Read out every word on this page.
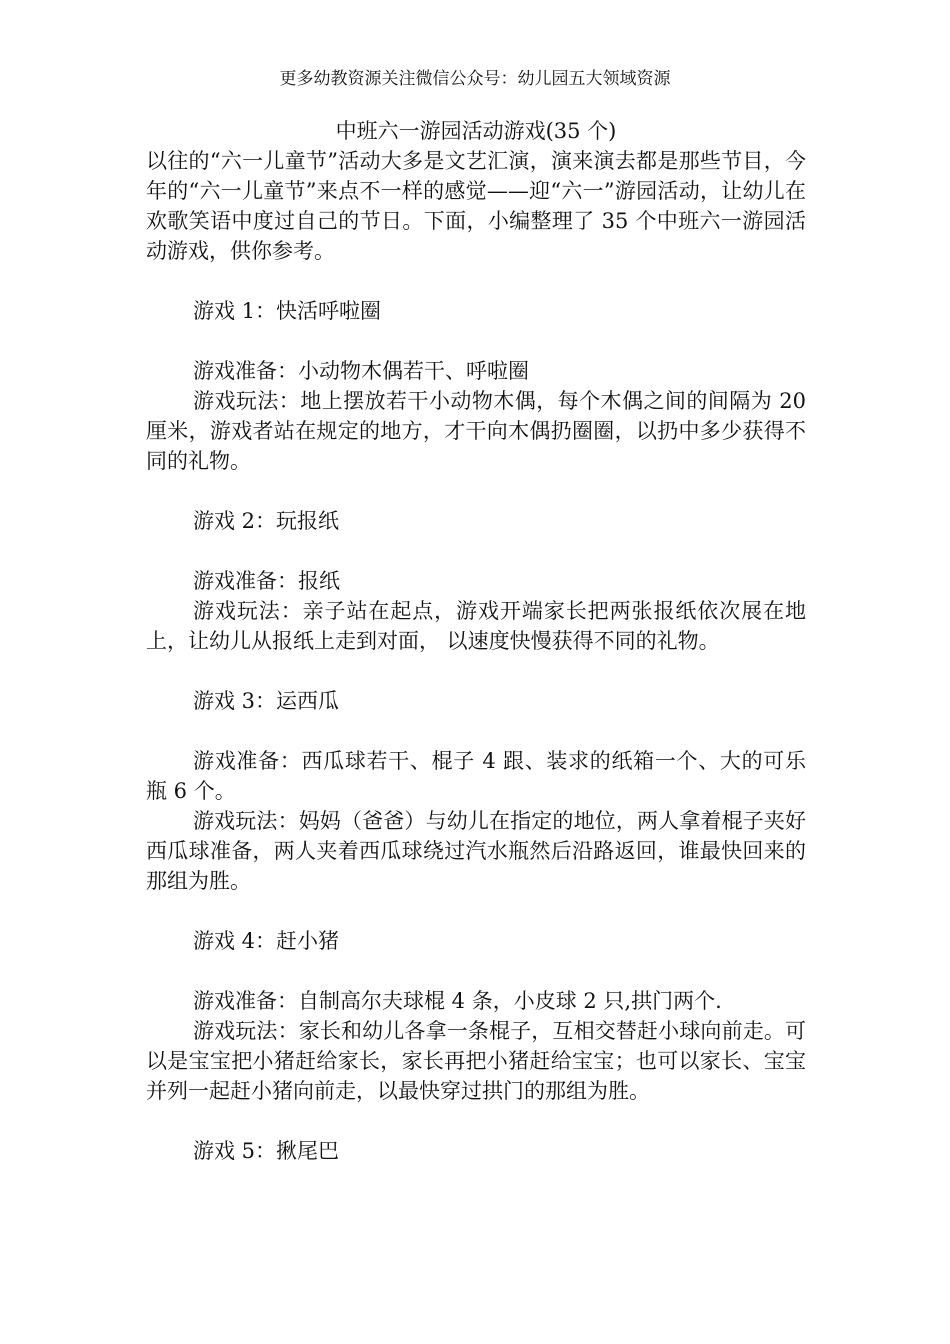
更多幼教资源关注微信公众号：幼儿园五大领域资源

中班六一游园活动游戏(35 个)

以往的“六一儿童节”活动大多是文艺汇演，演来演去都是那些节目，今年的“六一儿童节”来点不一样的感觉——迎“六一”游园活动，让幼儿在欢歌笑语中度过自己的节日。下面，小编整理了 35 个中班六一游园活动游戏，供你参考。

游戏 1：快活呼啦圈

游戏准备：小动物木偶若干、呼啦圈

游戏玩法：地上摆放若干小动物木偶，每个木偶之间的间隔为 20 厘米，游戏者站在规定的地方，才干向木偶扔圈圈，以扔中多少获得不同的礼物。

游戏 2：玩报纸

游戏准备：报纸

游戏玩法：亲子站在起点，游戏开端家长把两张报纸依次展在地上，让幼儿从报纸上走到对面， 以速度快慢获得不同的礼物。

游戏 3：运西瓜

游戏准备：西瓜球若干、棍子 4 跟、装求的纸箱一个、大的可乐瓶 6 个。

游戏玩法：妈妈（爸爸）与幼儿在指定的地位，两人拿着棍子夹好西瓜球准备，两人夹着西瓜球绕过汽水瓶然后沿路返回，谁最快回来的那组为胜。

游戏 4：赶小猪

游戏准备：自制高尔夫球棍 4 条，小皮球 2 只,拱门两个.

游戏玩法：家长和幼儿各拿一条棍子，互相交替赶小球向前走。可以是宝宝把小猪赶给家长，家长再把小猪赶给宝宝；也可以家长、宝宝并列一起赶小猪向前走，以最快穿过拱门的那组为胜。

游戏 5：揪尾巴
